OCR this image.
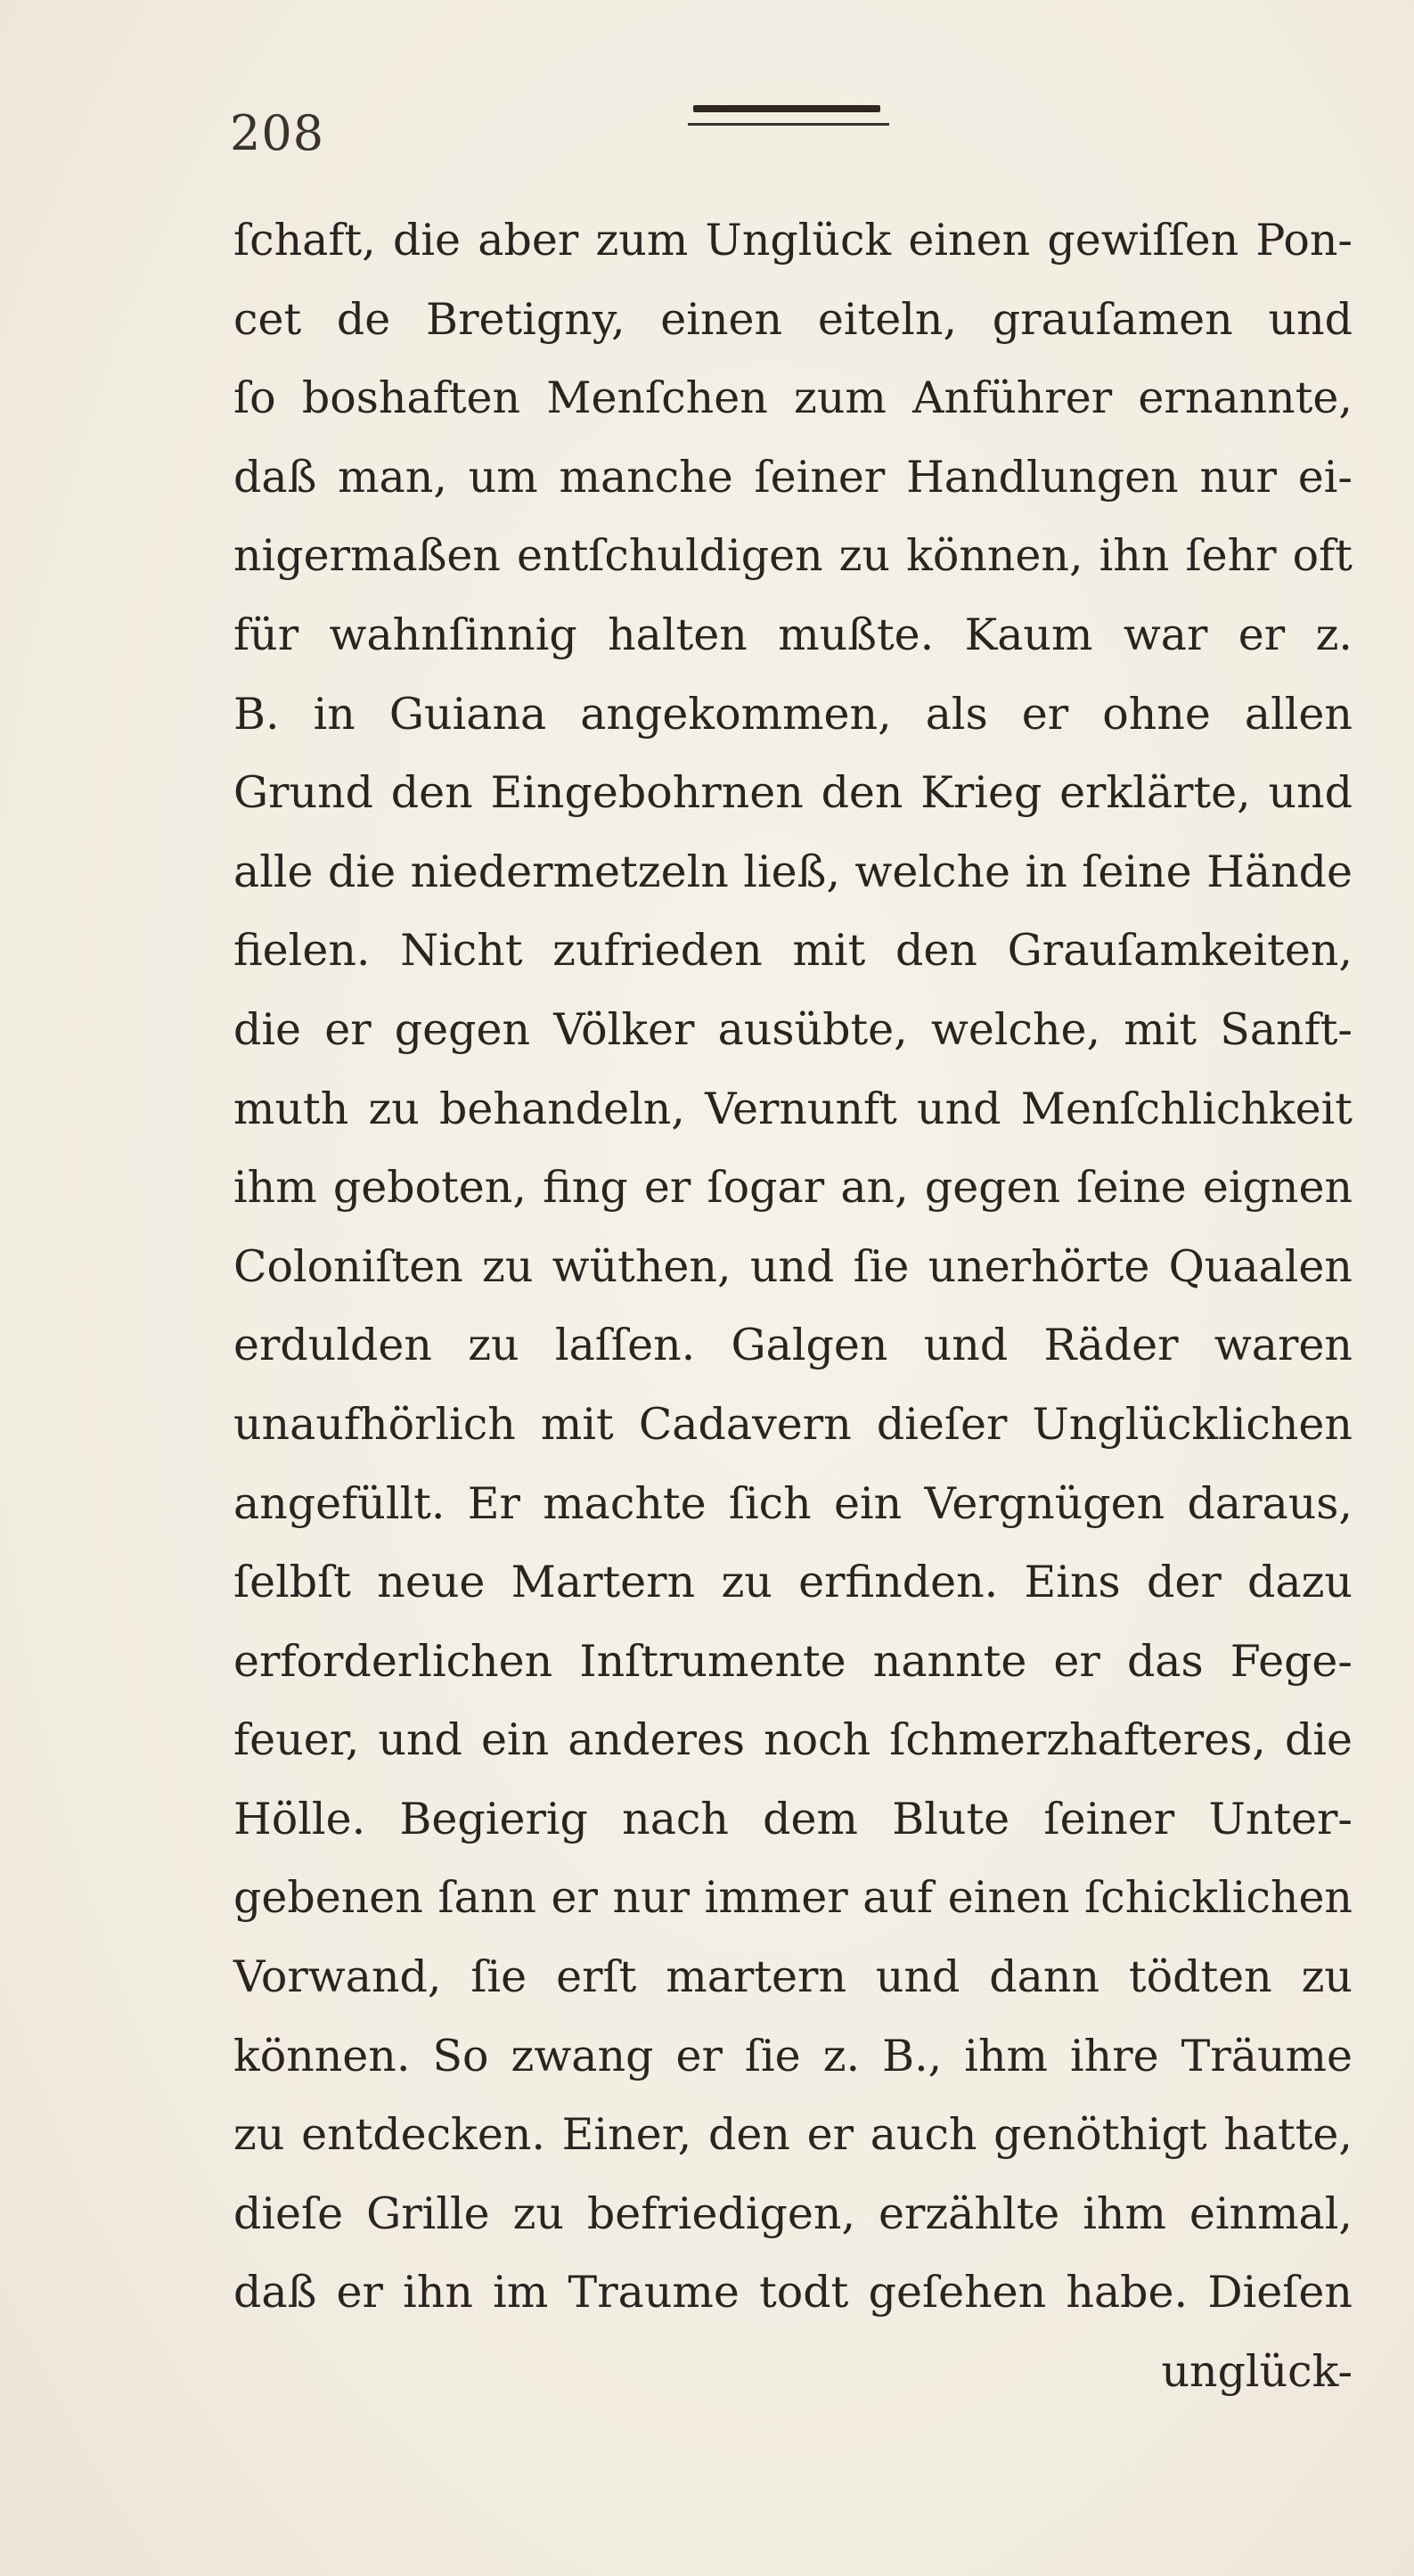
208
ſchaft, die aber zum Unglück einen gewiſſen Pon-
cet de Bretigny, einen eiteln, grauſamen und
ſo boshaften Menſchen zum Anführer ernannte,
daß man, um manche ſeiner Handlungen nur ei-
nigermaßen entſchuldigen zu können, ihn ſehr oft
für wahnſinnig halten mußte. Kaum war er z.
B. in Guiana angekommen, als er ohne allen
Grund den Eingebohrnen den Krieg erklärte, und
alle die niedermetzeln ließ, welche in ſeine Hände
fielen. Nicht zufrieden mit den Grauſamkeiten,
die er gegen Völker ausübte, welche, mit Sanft-
muth zu behandeln, Vernunft und Menſchlichkeit
ihm geboten, fing er ſogar an, gegen ſeine eignen
Coloniſten zu wüthen, und ſie unerhörte Quaalen
erdulden zu laſſen. Galgen und Räder waren
unaufhörlich mit Cadavern dieſer Unglücklichen
angefüllt. Er machte ſich ein Vergnügen daraus,
ſelbſt neue Martern zu erfinden. Eins der dazu
erforderlichen Inſtrumente nannte er das Fege-
feuer, und ein anderes noch ſchmerzhafteres, die
Hölle. Begierig nach dem Blute ſeiner Unter-
gebenen ſann er nur immer auf einen ſchicklichen
Vorwand, ſie erſt martern und dann tödten zu
können. So zwang er ſie z. B., ihm ihre Träume
zu entdecken. Einer, den er auch genöthigt hatte,
dieſe Grille zu befriedigen, erzählte ihm einmal,
daß er ihn im Traume todt geſehen habe. Dieſen
unglück-
